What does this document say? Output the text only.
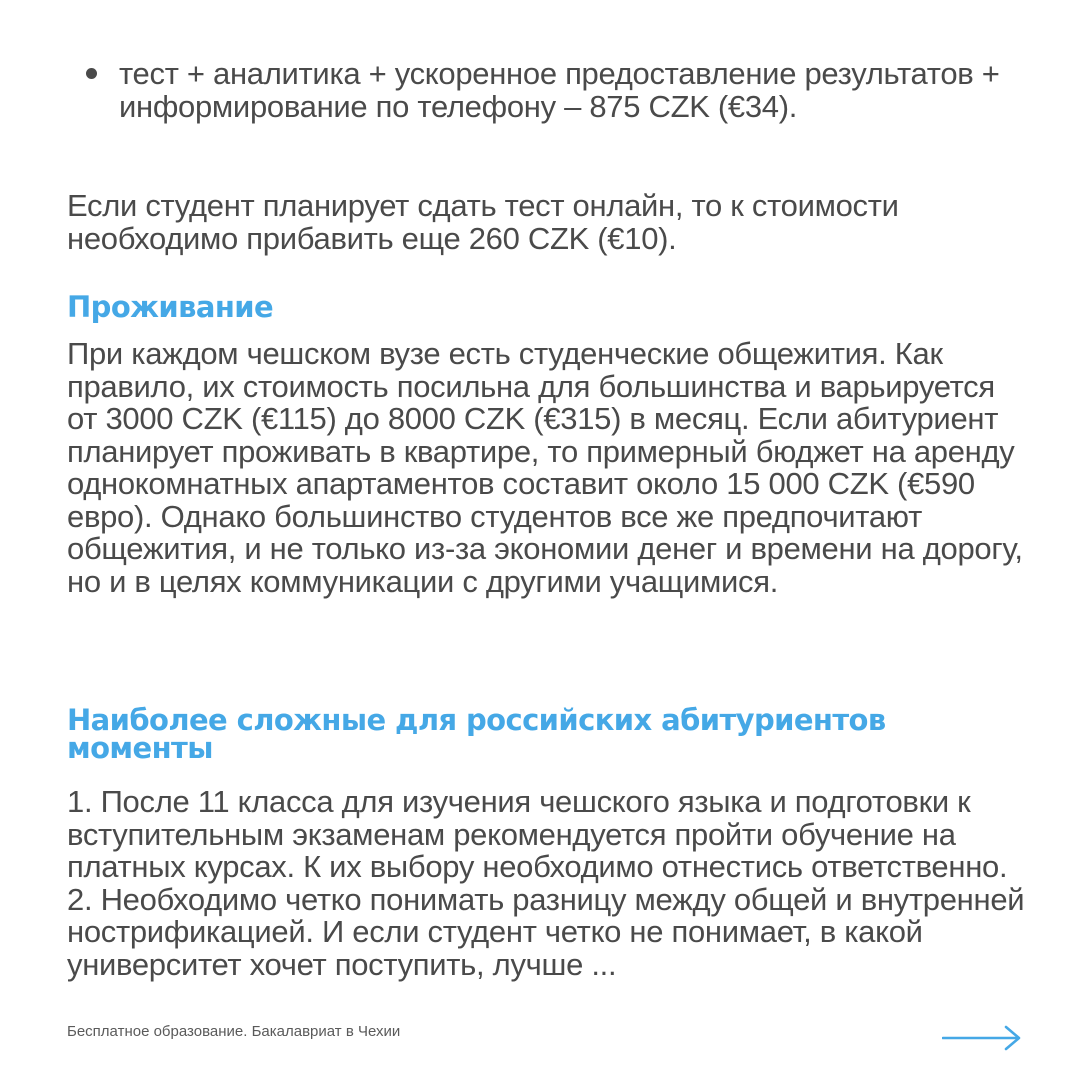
тест + аналитика + ускоренное предоставление результатов + информирование по телефону – 875 CZK (€34).

Если студент планирует сдать тест онлайн, то к стоимости необходимо прибавить еще 260 CZK (€10).

Проживание

При каждом чешском вузе есть студенческие общежития. Как правило, их стоимость посильна для большинства и варьируется от 3000 CZK (€115) до 8000 CZK (€315) в месяц. Если абитуриент планирует проживать в квартире, то примерный бюджет на аренду однокомнатных апартаментов составит около 15 000 CZK (€590 евро). Однако большинство студентов все же предпочитают общежития, и не только из-за экономии денег и времени на дорогу, но и в целях коммуникации с другими учащимися.

Наиболее сложные для российских абитуриентов моменты
1. После 11 класса для изучения чешского языка и подготовки к вступительным экзаменам рекомендуется пройти обучение на платных курсах. К их выбору необходимо отнестись ответственно.
2. Необходимо четко понимать разницу между общей и внутренней нострификацией. И если студент четко не понимает, в какой университет хочет поступить, лучше ...
Бесплатное образование. Бакалавриат в Чехии
